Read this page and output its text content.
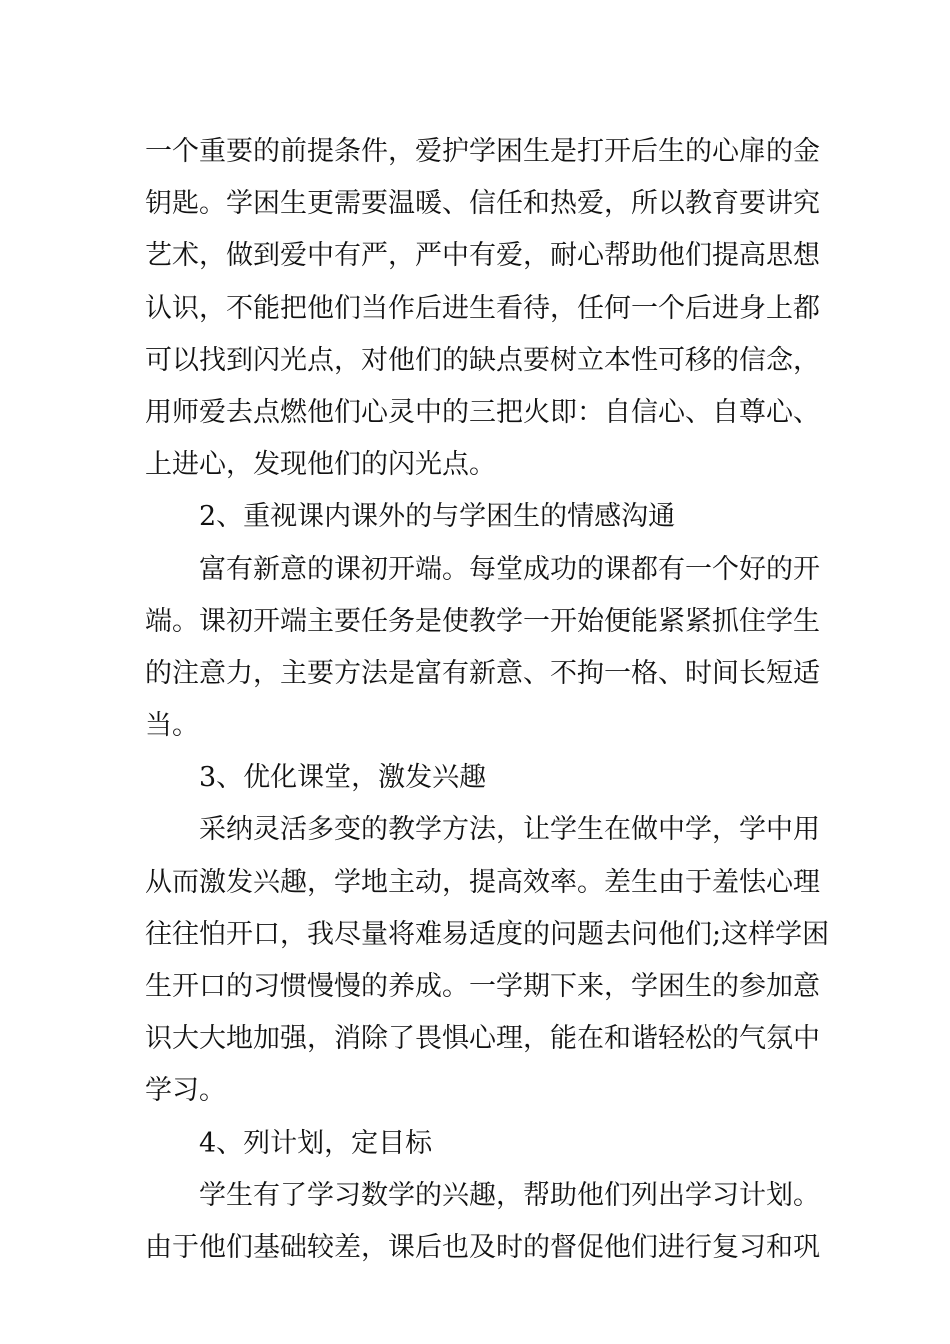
一个重要的前提条件，爱护学困生是打开后生的心扉的金
钥匙。学困生更需要温暖、信任和热爱，所以教育要讲究
艺术，做到爱中有严，严中有爱，耐心帮助他们提高思想
认识，不能把他们当作后进生看待，任何一个后进身上都
可以找到闪光点，对他们的缺点要树立本性可移的信念，
用师爱去点燃他们心灵中的三把火即：自信心、自尊心、
上进心，发现他们的闪光点。
2、重视课内课外的与学困生的情感沟通
富有新意的课初开端。每堂成功的课都有一个好的开
端。课初开端主要任务是使教学一开始便能紧紧抓住学生
的注意力，主要方法是富有新意、不拘一格、时间长短适
当。
3、优化课堂，激发兴趣
采纳灵活多变的教学方法，让学生在做中学，学中用
从而激发兴趣，学地主动，提高效率。差生由于羞怯心理
往往怕开口，我尽量将难易适度的问题去问他们;这样学困
生开口的习惯慢慢的养成。一学期下来，学困生的参加意
识大大地加强，消除了畏惧心理，能在和谐轻松的气氛中
学习。
4、列计划，定目标
学生有了学习数学的兴趣，帮助他们列出学习计划。
由于他们基础较差，课后也及时的督促他们进行复习和巩
